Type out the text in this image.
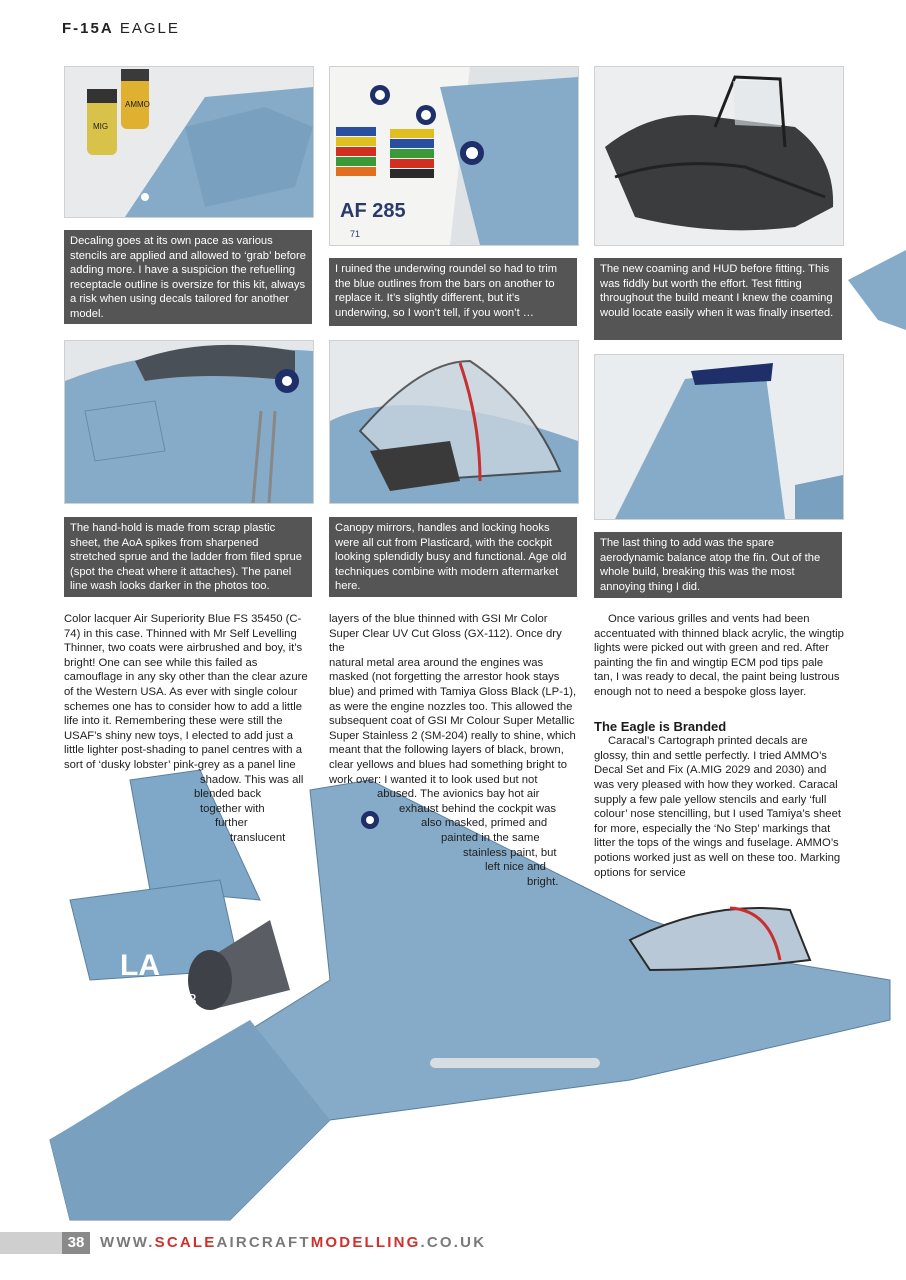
F-15A EAGLE
MIG
AMMO
Decaling goes at its own pace as various stencils are applied and allowed to ‘grab’ before adding more. I have a suspicion the refuelling receptacle outline is oversize for this kit, always a risk when using decals tailored for another model.
AF 285
71
I ruined the underwing roundel so had to trim the blue outlines from the bars on another to replace it. It’s slightly different, but it’s underwing, so I won’t tell, if you won’t …
The new coaming and HUD before fitting. This was fiddly but worth the effort. Test fitting throughout the build meant I knew the coaming would locate easily when it was finally inserted.
The hand-hold is made from scrap plastic sheet, the AoA spikes from sharpened stretched sprue and the ladder from filed sprue (spot the cheat where it attaches). The panel line wash looks darker in the photos too.
Canopy mirrors, handles and locking hooks were all cut from Plasticard, with the cockpit looking splendidly busy and functional. Age old techniques combine with modern aftermarket here.
The last thing to add was the spare aerodynamic balance atop the fin. Out of the whole build, breaking this was the most annoying thing I did.
LA
AF 75
103

Color lacquer Air Superiority Blue FS 35450 (C-

74) in this case. Thinned with Mr Self Levelling

Thinner, two coats were airbrushed and boy, it’s

bright! One can see while this failed as

camouflage in any sky other than the clear azure

of the Western USA. As ever with single colour

schemes one has to consider how to add a little

life into it. Remembering these were still the

USAF’s shiny new toys, I elected to add just a

little lighter post-shading to panel centres with a

sort of ‘dusky lobster’ pink-grey as a panel line

shadow. This was all

blended back

together with

further

translucent

layers of the blue thinned with GSI Mr Color

Super Clear UV Cut Gloss (GX-112). Once dry the

natural metal area around the engines was

masked (not forgetting the arrestor hook stays

blue) and primed with Tamiya Gloss Black (LP-1),

as were the engine nozzles too. This allowed the

subsequent coat of GSI Mr Colour Super Metallic

Super Stainless 2 (SM-204) really to shine, which

meant that the following layers of black, brown,

clear yellows and blues had something bright to

work over: I wanted it to look used but not

abused. The avionics bay hot air

exhaust behind the cockpit was

also masked, primed and

painted in the same

stainless paint, but

left nice and

bright.

Once various grilles and vents had been accentuated with thinned black acrylic, the wingtip lights were picked out with green and red. After painting the fin and wingtip ECM pod tips pale tan, I was ready to decal, the paint being lustrous enough not to need a bespoke gloss layer.

The Eagle is Branded

Caracal’s Cartograph printed decals are glossy, thin and settle perfectly. I tried AMMO’s Decal Set and Fix (A.MIG 2029 and 2030) and was very pleased with how they worked. Caracal supply a few pale yellow stencils and early ‘full colour’ nose stencilling, but I used Tamiya’s sheet for more, especially the ‘No Step’ markings that litter the tops of the wings and fuselage. AMMO’s potions worked just as well on these too. Marking options for service

38	WWW.SCALEAIRCRAFTMODELLING.CO.UK
